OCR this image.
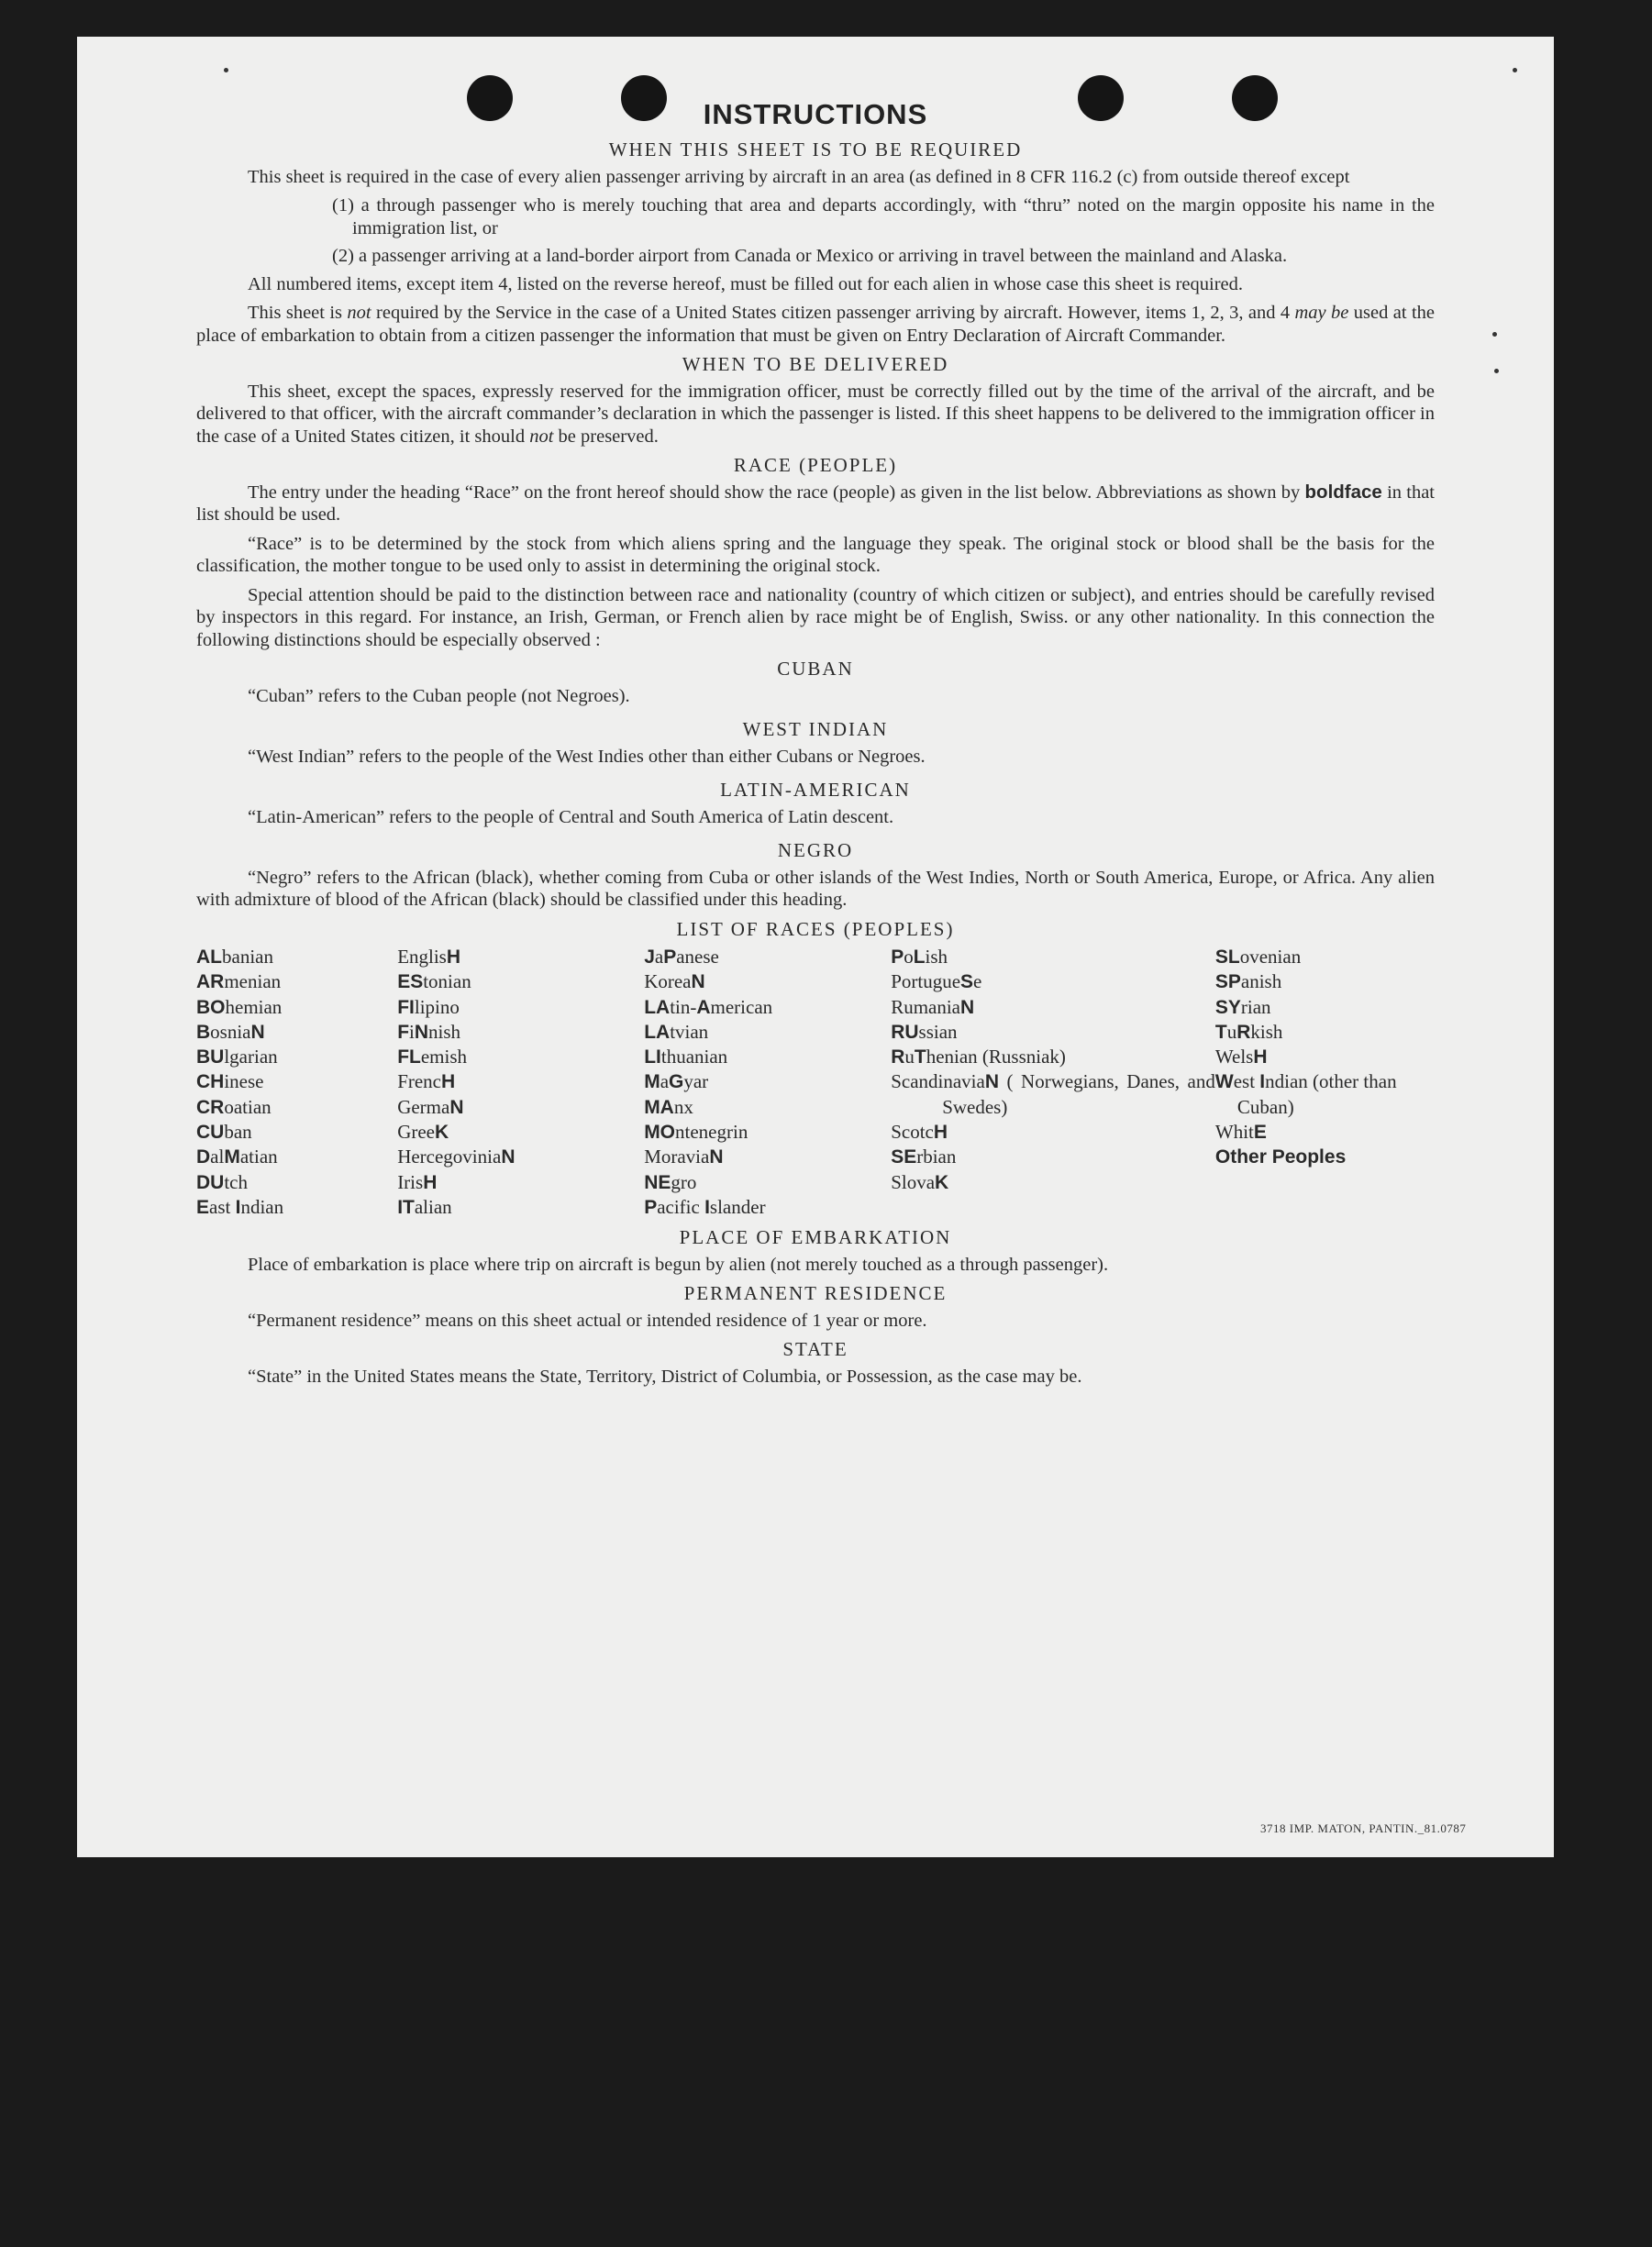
INSTRUCTIONS
WHEN THIS SHEET IS TO BE REQUIRED

This sheet is required in the case of every alien passenger arriving by aircraft in an area (as defined in 8 CFR 116.2 (c) from outside thereof except

(1) a through passenger who is merely touching that area and departs accordingly, with “thru” noted on the margin opposite his name in the immigration list, or

(2) a passenger arriving at a land-border airport from Canada or Mexico or arriving in travel between the mainland and Alaska.

All numbered items, except item 4, listed on the reverse hereof, must be filled out for each alien in whose case this sheet is required.

This sheet is not required by the Service in the case of a United States citizen passenger arriving by aircraft. However, items 1, 2, 3, and 4 may be used at the place of embarkation to obtain from a citizen passenger the information that must be given on Entry Declaration of Aircraft Commander.

WHEN TO BE DELIVERED

This sheet, except the spaces, expressly reserved for the immigration officer, must be correctly filled out by the time of the arrival of the aircraft, and be delivered to that officer, with the aircraft commander’s declaration in which the passenger is listed. If this sheet happens to be delivered to the immigration officer in the case of a United States citizen, it should not be preserved.

RACE (PEOPLE)

The entry under the heading “Race” on the front hereof should show the race (people) as given in the list below. Abbreviations as shown by boldface in that list should be used.

“Race” is to be determined by the stock from which aliens spring and the language they speak. The original stock or blood shall be the basis for the classification, the mother tongue to be used only to assist in determining the original stock.

Special attention should be paid to the distinction between race and nationality (country of which citizen or subject), and entries should be carefully revised by inspectors in this regard. For instance, an Irish, German, or French alien by race might be of English, Swiss. or any other nationality. In this connection the following distinctions should be especially observed :

CUBAN

“Cuban” refers to the Cuban people (not Negroes).

WEST INDIAN

“West Indian” refers to the people of the West Indies other than either Cubans or Negroes.

LATIN-AMERICAN

“Latin-American” refers to the people of Central and South America of Latin descent.

NEGRO

“Negro” refers to the African (black), whether coming from Cuba or other islands of the West Indies, North or South America, Europe, or Africa. Any alien with admixture of blood of the African (black) should be classified under this heading.

LIST OF RACES (PEOPLES)
ALbanian
ARmenian
BOhemian
BosniaN
BUlgarian
CHinese
CRoatian
CUban
DalMatian
DUtch
East Indian
EnglisH
EStonian
FIlipino
FiNnish
FLemish
FrencH
GermaN
GreeK
HercegoviniaN
IrisH
ITalian
JaPanese
KoreaN
LAtin-American
LAtvian
LIthuanian
MaGyar
MAnx
MOntenegrin
MoraviaN
NEgro
Pacific Islander
PoLish
PortugueSe
RumaniaN
RUssian
RuThenian (Russniak)
ScandinaviaN ( Norwegians, Danes, and Swedes)
ScotcH
SErbian
SlovaK
SLovenian
SPanish
SYrian
TuRkish
WelsH
West Indian (other than Cuban)
WhitE
Other Peoples
PLACE OF EMBARKATION

Place of embarkation is place where trip on aircraft is begun by alien (not merely touched as a through passenger).

PERMANENT RESIDENCE

“Permanent residence” means on this sheet actual or intended residence of 1 year or more.

STATE

“State” in the United States means the State, Territory, District of Columbia, or Possession, as the case may be.

3718 IMP. MATON, PANTIN._81.0787
